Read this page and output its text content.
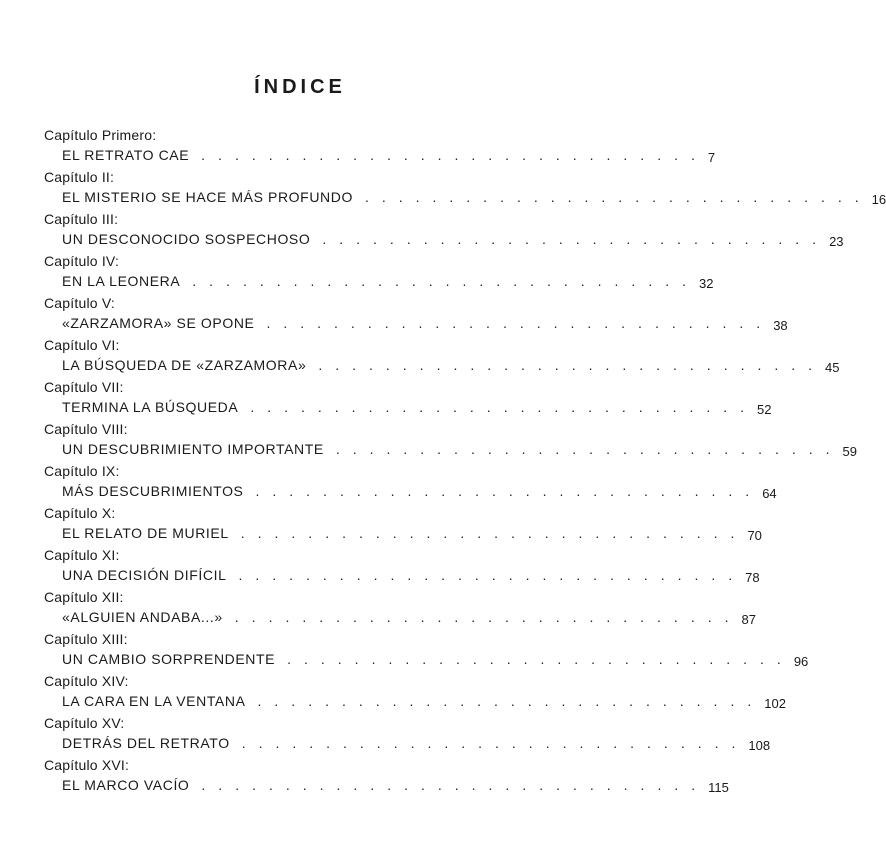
ÍNDICE
Capítulo Primero:
EL RETRATO CAE .............................. 7
Capítulo II:
EL MISTERIO SE HACE MÁS PROFUNDO .............................. 16
Capítulo III:
UN DESCONOCIDO SOSPECHOSO .............................. 23
Capítulo IV:
EN LA LEONERA .............................. 32
Capítulo V:
«ZARZAMORA» SE OPONE .............................. 38
Capítulo VI:
LA BÚSQUEDA DE «ZARZAMORA» .............................. 45
Capítulo VII:
TERMINA LA BÚSQUEDA .............................. 52
Capítulo VIII:
UN DESCUBRIMIENTO IMPORTANTE .............................. 59
Capítulo IX:
MÁS DESCUBRIMIENTOS .............................. 64
Capítulo X:
EL RELATO DE MURIEL .............................. 70
Capítulo XI:
UNA DECISIÓN DIFÍCIL .............................. 78
Capítulo XII:
«ALGUIEN ANDABA...» .............................. 87
Capítulo XIII:
UN CAMBIO SORPRENDENTE .............................. 96
Capítulo XIV:
LA CARA EN LA VENTANA .............................. 102
Capítulo XV:
DETRÁS DEL RETRATO .............................. 108
Capítulo XVI:
EL MARCO VACÍO .............................. 115
